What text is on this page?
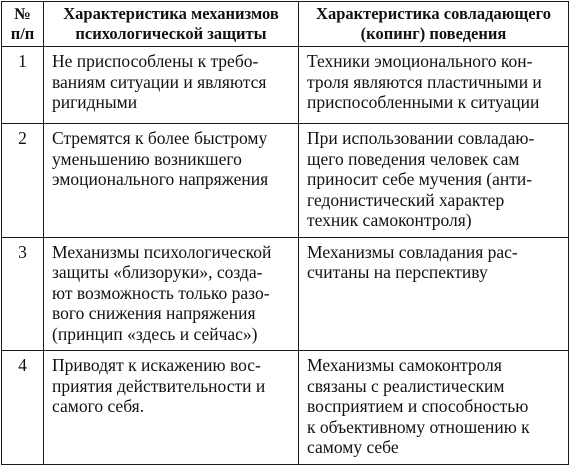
№
п/п	Характеристика механизмов
психологической защиты	Характеристика совладающего
(копинг) поведения

1	Не приспособлены к требо-
ваниям ситуации и являются
ригидными	Техники эмоционального кон-
троля являются пластичными и
приспособленными к ситуации

2	Стремятся к более быстрому
уменьшению возникшего
эмоционального напряжения	При использовании совладаю-
щего поведения человек сам
приносит себе мучения (анти-
гедонистический характер
техник самоконтроля)

3	Механизмы психологической
защиты «близоруки», созда-
ют возможность только разо-
вого снижения напряжения
(принцип «здесь и сейчас»)	Механизмы совладания рас-
считаны на перспективу

4	Приводят к искажению вос-
приятия действительности и
самого себя.	Механизмы самоконтроля
связаны с реалистическим
восприятием и способностью
к объективному отношению к
самому себе
